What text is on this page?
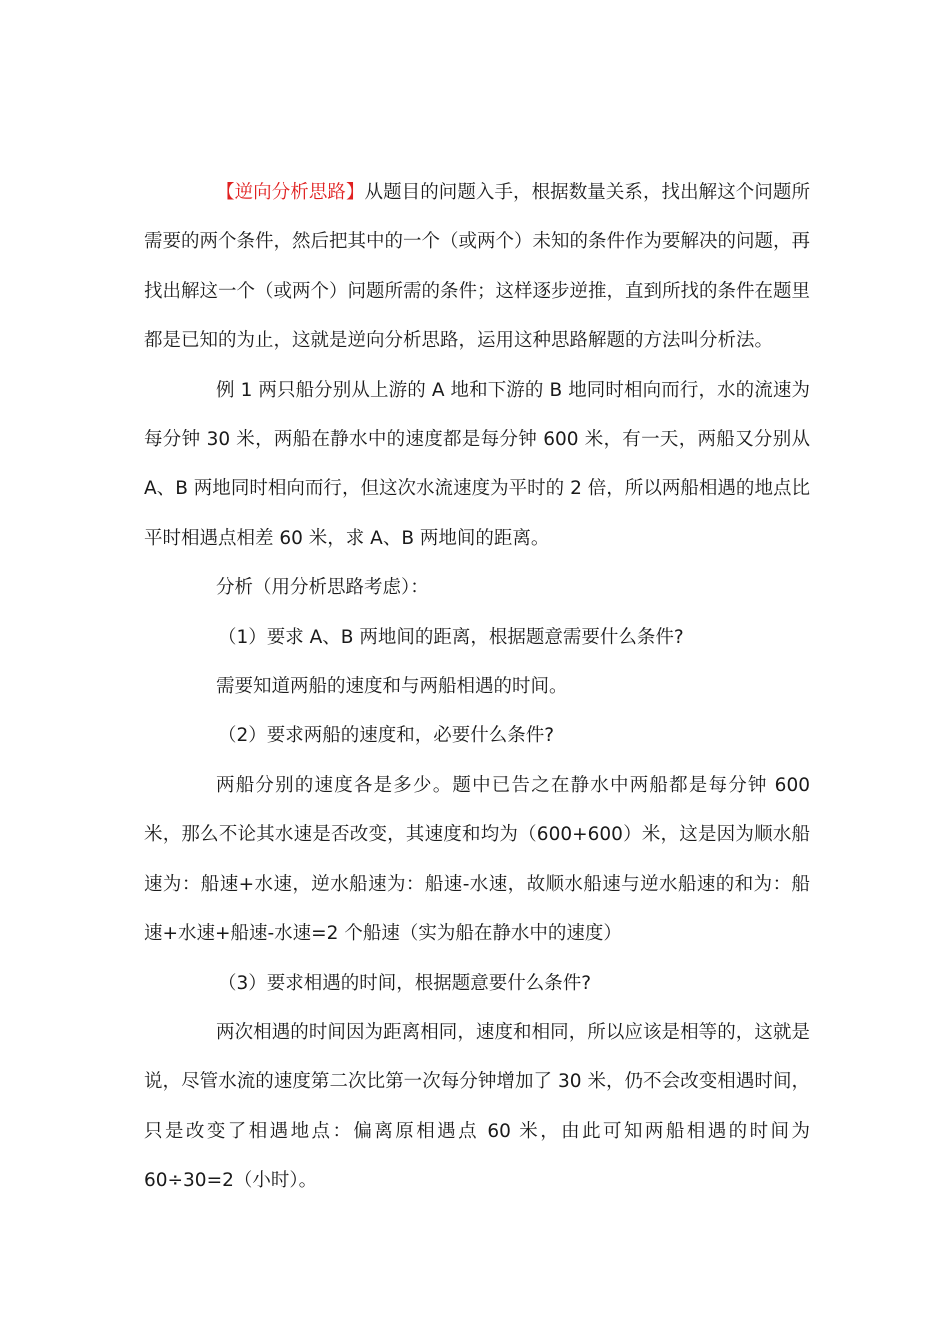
【逆向分析思路】从题目的问题入手，根据数量关系，找出解这个问题所需要的两个条件，然后把其中的一个（或两个）未知的条件作为要解决的问题，再找出解这一个（或两个）问题所需的条件；这样逐步逆推，直到所找的条件在题里都是已知的为止，这就是逆向分析思路，运用这种思路解题的方法叫分析法。

例 1 两只船分别从上游的 A 地和下游的 B 地同时相向而行，水的流速为每分钟 30 米，两船在静水中的速度都是每分钟 600 米，有一天，两船又分别从 A、B 两地同时相向而行，但这次水流速度为平时的 2 倍，所以两船相遇的地点比平时相遇点相差 60 米，求 A、B 两地间的距离。

分析（用分析思路考虑）：

（1）要求 A、B 两地间的距离，根据题意需要什么条件?

需要知道两船的速度和与两船相遇的时间。

（2）要求两船的速度和，必要什么条件?

两船分别的速度各是多少。题中已告之在静水中两船都是每分钟 600 米，那么不论其水速是否改变，其速度和均为（600+600）米，这是因为顺水船速为：船速+水速，逆水船速为：船速-水速，故顺水船速与逆水船速的和为：船速+水速+船速-水速=2 个船速（实为船在静水中的速度）

（3）要求相遇的时间，根据题意要什么条件?

两次相遇的时间因为距离相同，速度和相同，所以应该是相等的，这就是说，尽管水流的速度第二次比第一次每分钟增加了 30 米，仍不会改变相遇时间，只是改变了相遇地点：偏离原相遇点 60 米，由此可知两船相遇的时间为 60÷30=2（小时）。
